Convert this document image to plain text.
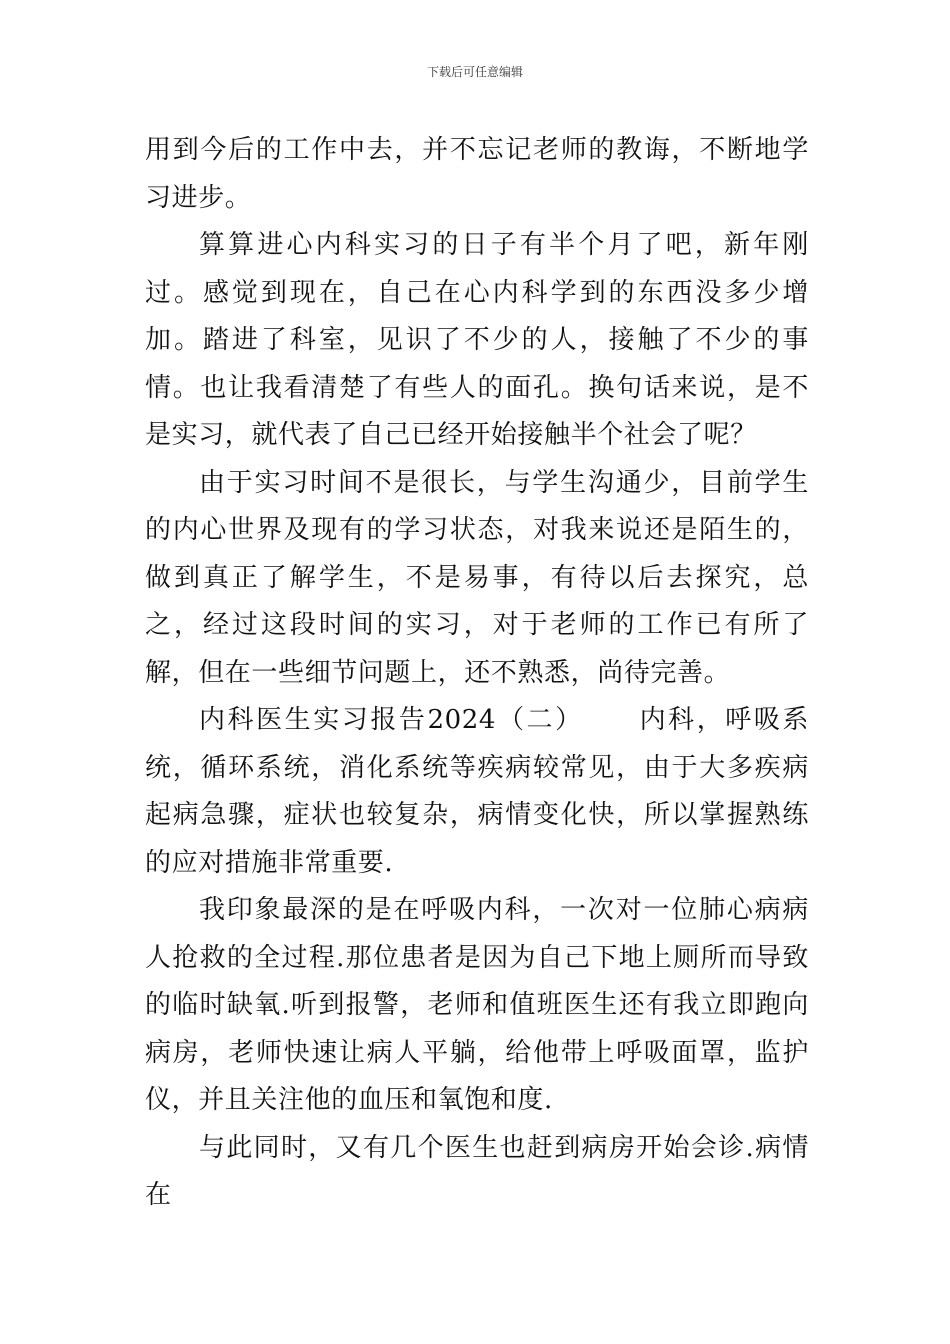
下载后可任意编辑

用到今后的工作中去，并不忘记老师的教诲，不断地学习进步。

算算进心内科实习的日子有半个月了吧，新年刚过。感觉到现在，自己在心内科学到的东西没多少增加。踏进了科室，见识了不少的人，接触了不少的事情。也让我看清楚了有些人的面孔。换句话来说，是不是实习，就代表了自己已经开始接触半个社会了呢？

由于实习时间不是很长，与学生沟通少，目前学生的内心世界及现有的学习状态，对我来说还是陌生的，做到真正了解学生，不是易事，有待以后去探究，总之，经过这段时间的实习，对于老师的工作已有所了解，但在一些细节问题上，还不熟悉，尚待完善。

内科医生实习报告2024（二） 内科，呼吸系统，循环系统，消化系统等疾病较常见，由于大多疾病起病急骤，症状也较复杂，病情变化快，所以掌握熟练的应对措施非常重要.

我印象最深的是在呼吸内科，一次对一位肺心病病人抢救的全过程.那位患者是因为自己下地上厕所而导致的临时缺氧.听到报警，老师和值班医生还有我立即跑向病房，老师快速让病人平躺，给他带上呼吸面罩，监护仪，并且关注他的血压和氧饱和度.

与此同时，又有几个医生也赶到病房开始会诊.病情在
